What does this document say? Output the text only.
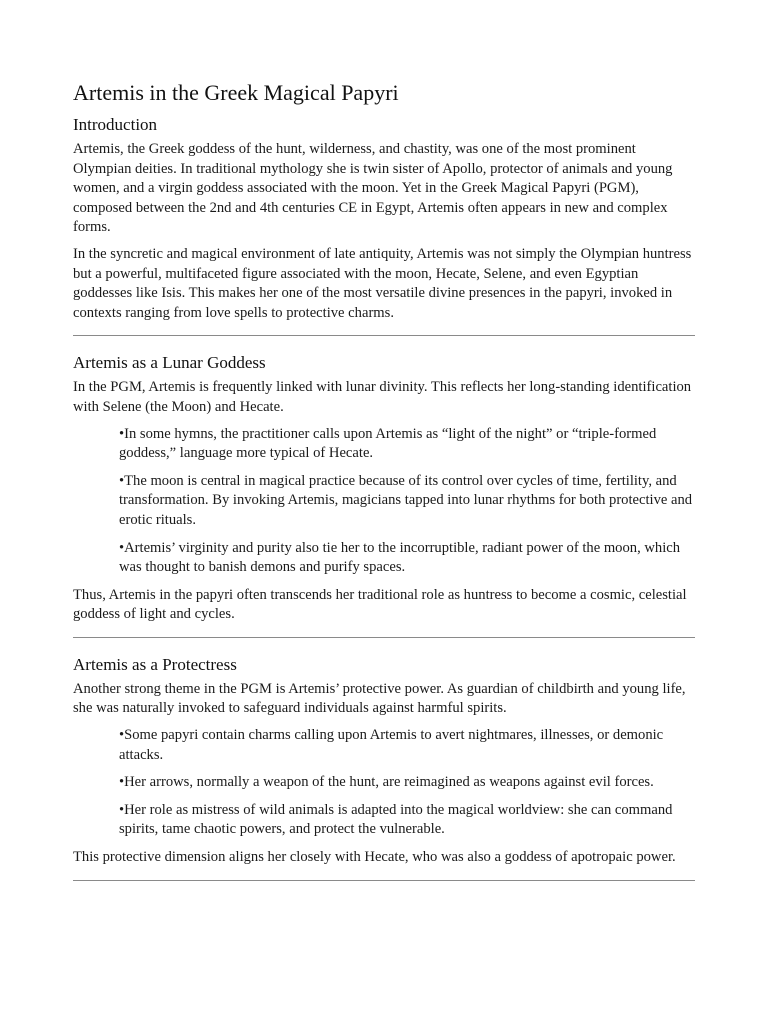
Artemis in the Greek Magical Papyri
Introduction

Artemis, the Greek goddess of the hunt, wilderness, and chastity, was one of the most prominent Olympian deities. In traditional mythology she is twin sister of Apollo, protector of animals and young women, and a virgin goddess associated with the moon. Yet in the Greek Magical Papyri (PGM), composed between the 2nd and 4th centuries CE in Egypt, Artemis often appears in new and complex forms.

In the syncretic and magical environment of late antiquity, Artemis was not simply the Olympian huntress but a powerful, multifaceted figure associated with the moon, Hecate, Selene, and even Egyptian goddesses like Isis. This makes her one of the most versatile divine presences in the papyri, invoked in contexts ranging from love spells to protective charms.

Artemis as a Lunar Goddess

In the PGM, Artemis is frequently linked with lunar divinity. This reflects her long-standing identification with Selene (the Moon) and Hecate.

• In some hymns, the practitioner calls upon Artemis as “light of the night” or “triple-formed goddess,” language more typical of Hecate.
• The moon is central in magical practice because of its control over cycles of time, fertility, and transformation. By invoking Artemis, magicians tapped into lunar rhythms for both protective and erotic rituals.
• Artemis’ virginity and purity also tie her to the incorruptible, radiant power of the moon, which was thought to banish demons and purify spaces.

Thus, Artemis in the papyri often transcends her traditional role as huntress to become a cosmic, celestial goddess of light and cycles.

Artemis as a Protectress

Another strong theme in the PGM is Artemis’ protective power. As guardian of childbirth and young life, she was naturally invoked to safeguard individuals against harmful spirits.

• Some papyri contain charms calling upon Artemis to avert nightmares, illnesses, or demonic attacks.
• Her arrows, normally a weapon of the hunt, are reimagined as weapons against evil forces.
• Her role as mistress of wild animals is adapted into the magical worldview: she can command spirits, tame chaotic powers, and protect the vulnerable.

This protective dimension aligns her closely with Hecate, who was also a goddess of apotropaic power.
